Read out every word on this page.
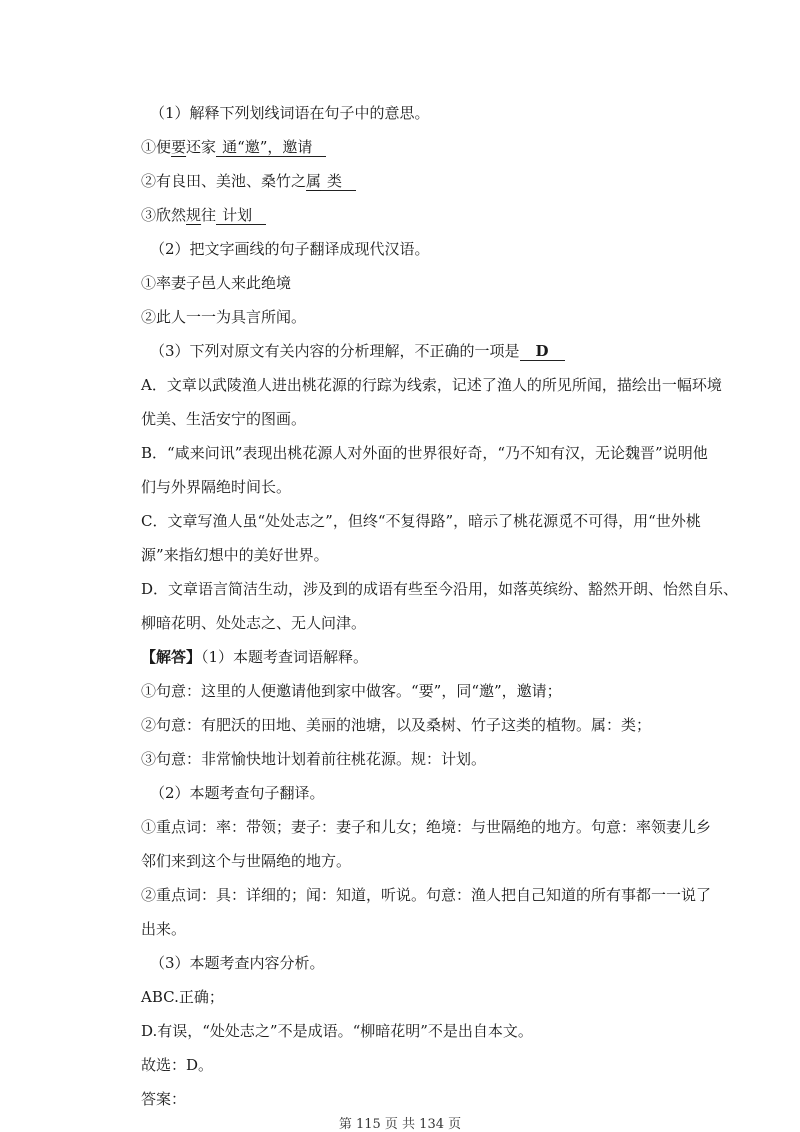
（1）解释下列划线词语在句子中的意思。
①便要还家 通“邀”，邀请
②有良田、美池、桑竹之属 类
③欣然规往 计划
（2）把文字画线的句子翻译成现代汉语。
①率妻子邑人来此绝境
②此人一一为具言所闻。
（3）下列对原文有关内容的分析理解，不正确的一项是 D
A．文章以武陵渔人进出桃花源的行踪为线索，记述了渔人的所见所闻，描绘出一幅环境
优美、生活安宁的图画。
B．“咸来问讯”表现出桃花源人对外面的世界很好奇，“乃不知有汉，无论魏晋”说明他
们与外界隔绝时间长。
C．文章写渔人虽“处处志之”，但终“不复得路”，暗示了桃花源觅不可得，用“世外桃
源”来指幻想中的美好世界。
D．文章语言简洁生动，涉及到的成语有些至今沿用，如落英缤纷、豁然开朗、怡然自乐、
柳暗花明、处处志之、无人问津。
【解答】（1）本题考查词语解释。
①句意：这里的人便邀请他到家中做客。“要”，同“邀”，邀请；
②句意：有肥沃的田地、美丽的池塘，以及桑树、竹子这类的植物。属：类；
③句意：非常愉快地计划着前往桃花源。规：计划。
（2）本题考查句子翻译。
①重点词：率：带领；妻子：妻子和儿女；绝境：与世隔绝的地方。句意：率领妻儿乡
邻们来到这个与世隔绝的地方。
②重点词：具：详细的；闻：知道，听说。句意：渔人把自己知道的所有事都一一说了
出来。
（3）本题考查内容分析。
ABC.正确；
D.有误，“处处志之”不是成语。“柳暗花明”不是出自本文。
故选：D。
答案：
第 115 页 共 134 页
